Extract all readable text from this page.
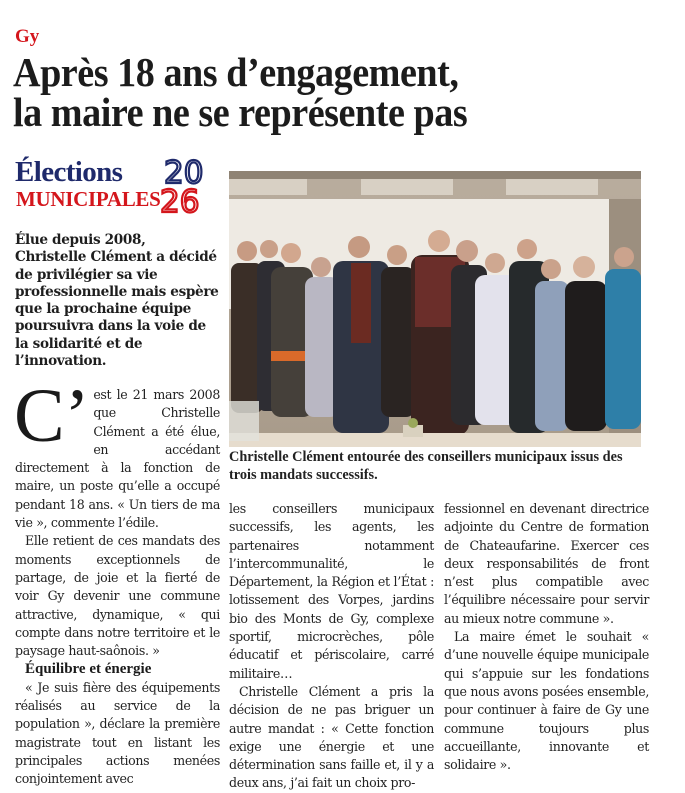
Gy
Après 18 ans d’engagement,
la maire ne se représente pas
Élections
MUNICIPALES
20
26

Élue depuis 2008, Christelle Clément a décidé de privilégier sa vie professionnelle mais espère que la prochaine équipe poursuivra dans la voie de la solidarité et de l’innovation.

Christelle Clément entourée des conseillers municipaux issus des trois mandats successifs.

C’ est le 21 mars 2008 que Christelle Clément a été élue, en accédant directement à la fonction de maire, un poste qu’elle a occupé pendant 18 ans. « Un tiers de ma vie », commente l’édile.

Elle retient de ces mandats des moments exceptionnels de partage, de joie et la fierté de voir Gy devenir une commune attractive, dynamique, « qui compte dans notre territoire et le paysage haut-saônois. »

Équilibre et énergie

« Je suis fière des équipements réalisés au service de la population », déclare la première magistrate tout en listant les principales actions menées conjointement avec

les conseillers municipaux successifs, les agents, les partenaires notamment l’intercommunalité, le Département, la Région et l’État : lotissement des Vorpes, jardins bio des Monts de Gy, complexe sportif, microcrèches, pôle éducatif et périscolaire, carré militaire…

Christelle Clément a pris la décision de ne pas briguer un autre mandat : « Cette fonction exige une énergie et une détermination sans faille et, il y a deux ans, j’ai fait un choix pro-

fessionnel en devenant directrice adjointe du Centre de formation de Chateaufarine. Exercer ces deux responsabilités de front n’est plus compatible avec l’équilibre nécessaire pour servir au mieux notre commune ».

La maire émet le souhait « d’une nouvelle équipe municipale qui s’appuie sur les fondations que nous avons posées ensemble, pour continuer à faire de Gy une commune toujours plus accueillante, innovante et solidaire ».
